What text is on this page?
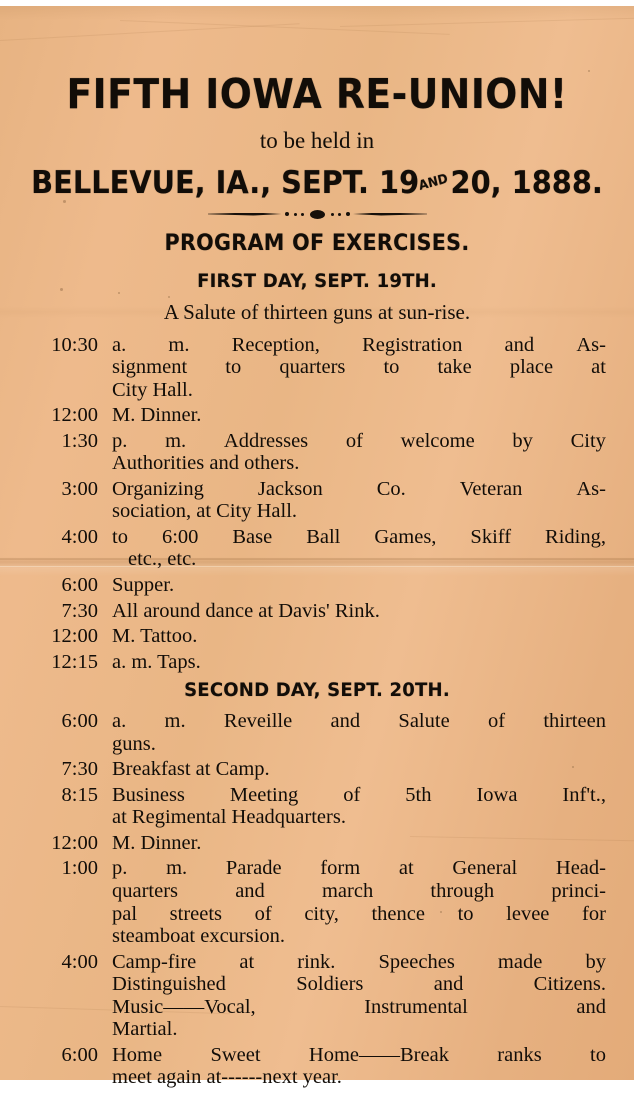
FIFTH IOWA RE-UNION!
to be held in
BELLEVUE, IA., SEPT. 19AND20, 1888.
PROGRAM OF EXERCISES.
FIRST DAY, SEPT. 19TH.
A Salute of thirteen guns at sun-rise.
10:30 a. m. Reception, Registration and As-
signment to quarters to take place at
City Hall.
12:00 M. Dinner.
1:30 p. m. Addresses of welcome by City
Authorities and others.
3:00 Organizing	Jackson	Co.	Veteran	As-
sociation, at City Hall.
4:00 to 6:00 Base Ball Games, Skiff Riding,
etc., etc.
6:00 Supper.
7:30 All around dance at Davis' Rink.
12:00 M. Tattoo.
12:15 a. m. Taps.
SECOND DAY, SEPT. 20TH.
6:00 a. m. Reveille and Salute of thirteen
guns.
7:30 Breakfast at Camp.
8:15 Business Meeting of 5th Iowa Inf't.,
at Regimental Headquarters.
12:00 M. Dinner.
1:00 p. m. Parade form at General Head-
quarters	and	march	through	princi-
pal streets of city, thence to levee for
steamboat excursion.
4:00 Camp-fire at rink. Speeches made by
Distinguished	Soldiers	and	Citizens.
Music——Vocal,	Instrumental	and
Martial.
6:00 Home Sweet Home——Break ranks to
meet again at------next year.
